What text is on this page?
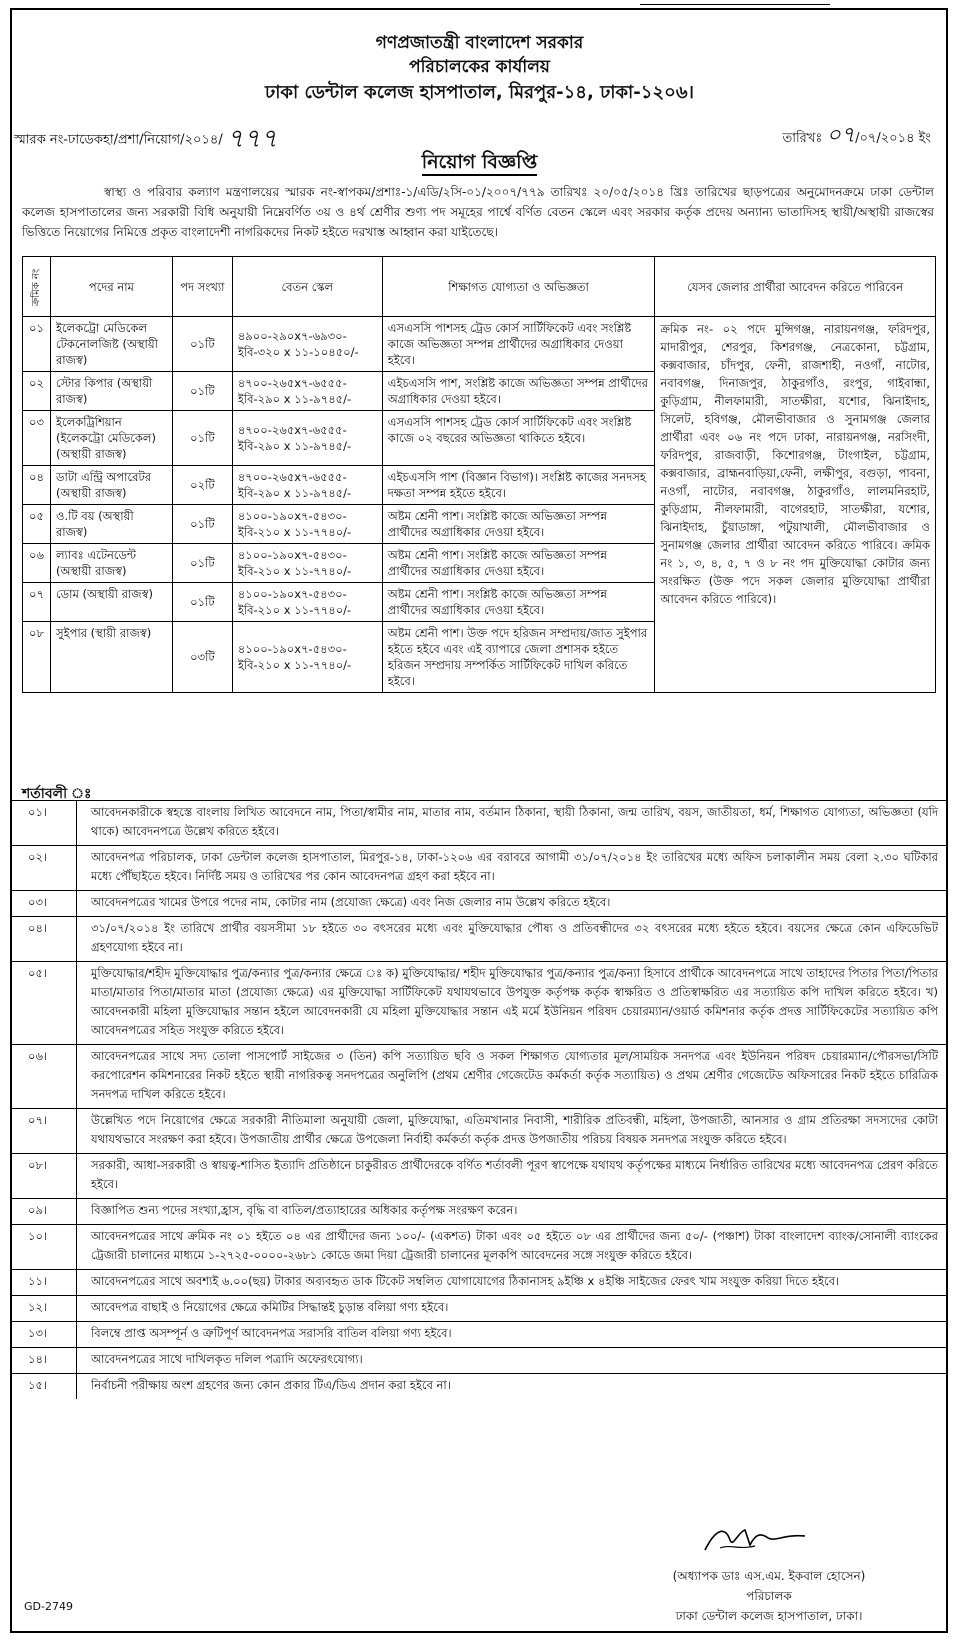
গণপ্রজাতন্ত্রী বাংলাদেশ সরকার
পরিচালকের কার্যালয়
ঢাকা ডেন্টাল কলেজ হাসপাতাল, মিরপুর-১৪, ঢাকা-১২০৬।
স্মারক নং-ঢাডেকহা/প্রশা/নিয়োগ/২০১৪/ ৭৭৭	তারিখঃ ০৭/০৭/২০১৪ ইং
নিয়োগ বিজ্ঞপ্তি
স্বাস্থ্য ও পরিবার কল্যাণ মন্ত্রণালয়ের স্মারক নং-স্বাপকম/প্রশাঃ-১/এডি/২সি-০১/২০০৭/৭৭৯ তারিখঃ ২০/০৫/২০১৪ খ্রিঃ তারিখের ছাড়পত্রের অনুমোদনক্রমে ঢাকা ডেন্টাল কলেজ হাসপাতালের জন্য সরকারী বিধি অনুযায়ী নিম্নেবর্ণিত ৩য় ও ৪র্থ শ্রেণীর শুণ্য পদ সমূহের পার্শ্বে বর্ণিত বেতন স্কেলে এবং সরকার কর্তৃক প্রদেয় অন্যান্য ভাতাদিসহ স্থায়ী/অস্থায়ী রাজস্বের ভিত্তিতে নিয়োগের নিমিত্তে প্রকৃত বাংলাদেশী নাগরিকদের নিকট হইতে দরখাস্ত আহ্বান করা যাইতেছে।
ক্রমিক নং	পদের নাম	পদ সংখ্যা	বেতন স্কেল	শিক্ষাগত যোগ্যতা ও অভিজ্ঞতা	যেসব জেলার প্রার্থীরা আবেদন করিতে পারিবেন
০১	ইলেকট্রো মেডিকেল টেকনোলজিষ্ট (অস্থায়ী রাজস্ব)	০১টি	৪৯০০-২৯০x৭-৬৯৩০-
ইবি-৩২০ x ১১-১০৪৫০/-	এসএসসি পাশসহ ট্রেড কোর্স সার্টিফিকেট এবং সংশ্লিষ্ট কাজে অভিজ্ঞতা সম্পন্ন প্রার্থীদের অগ্রাধিকার দেওয়া হইবে।	ক্রমিক নং- ০২ পদে মুন্সিগঞ্জ, নারায়নগঞ্জ, ফরিদপুর, মাদারীপুর, শেরপুর, কিশরগঞ্জ, নেত্রকোনা, চট্টগ্রাম, কক্সবাজার, চাঁদপুর, ফেনী, রাজশাহী, নওগাঁ, নাটোর, নবাবগঞ্জ, দিনাজপুর, ঠাকুরগাঁও, রংপুর, গাইবান্ধা, কুড়িগ্রাম, নীলফামারী, সাতক্ষীরা, যশোর, ঝিনাইদাহ, সিলেট, হবিগঞ্জ, মৌলভীবাজার ও সুনামগঞ্জ জেলার প্রার্থীরা এবং ০৬ নং পদে ঢাকা, নারায়নগঞ্জ, নরসিংদী, ফরিদপুর, রাজবাড়ী, কিশোরগঞ্জ, টাংগাইল, চট্টগ্রাম, কক্সবাজার, ব্রাহ্মনবাড়িয়া,ফেনী, লক্ষীপুর, বগুড়া, পাবনা, নওগাঁ, নাটোর, নবাবগঞ্জ, ঠাকুরগাঁও, লালমনিরহাট, কুড়িগ্রাম, নীলফামারী, বাগেরহাট, সাতক্ষীরা, যশোর, ঝিনাইদাহ, চুঁয়াডাঙ্গা, পটুয়াখালী, মৌলভীবাজার ও সুনামগঞ্জ জেলার প্রার্থীরা আবেদন করিতে পারিবে। ক্রমিক নং ১, ৩, ৪, ৫, ৭ ও ৮ নং পদ মুক্তিযোদ্ধা কোটার জন্য সংরক্ষিত (উক্ত পদে সকল জেলার মুক্তিযোদ্ধা প্রার্থীরা আবেদন করিতে পারিবে)।
০২	স্টোর কিপার (অস্থায়ী রাজস্ব)	০১টি	৪৭০০-২৬৫x৭-৬৫৫৫-
ইবি-২৯০ x ১১-৯৭৪৫/-	এইচএসসি পাশ, সংশ্লিষ্ট কাজে অভিজ্ঞতা সম্পন্ন প্রার্থীদের অগ্রাধিকার দেওয়া হইবে।	
০৩	ইলেকট্রিশিয়ান (ইলেকট্রো মেডিকেল) (অস্থায়ী রাজস্ব)	০১টি	৪৭০০-২৬৫x৭-৬৫৫৫-
ইবি-২৯০ x ১১-৯৭৪৫/-	এসএসসি পাশসহ ট্রেড কোর্স সার্টিফিকেট এবং সংশ্লিষ্ট কাজে ০২ বছরের অভিজ্ঞতা থাকিতে হইবে।	
০৪	ডাটা এন্ট্রি অপারেটর (অস্থায়ী রাজস্ব)	০২টি	৪৭০০-২৬৫x৭-৬৫৫৫-
ইবি-২৯০ x ১১-৯৭৪৫/-	এইচএসসি পাশ (বিজ্ঞান বিভাগ)। সংশ্লিষ্ট কাজের সনদসহ দক্ষতা সম্পন্ন হইতে হইবে।	
০৫	ও.টি বয় (অস্থায়ী রাজস্ব)	০১টি	৪১০০-১৯০x৭-৫৪৩০-
ইবি-২১০ x ১১-৭৭৪০/-	অষ্টম শ্রেনী পাশ। সংশ্লিষ্ট কাজে অভিজ্ঞতা সম্পন্ন প্রার্থীদের অগ্রাধিকার দেওয়া হইবে।	
০৬	ল্যাবঃ এটেনডেন্ট (অস্থায়ী রাজস্ব)	০১টি	৪১০০-১৯০x৭-৫৪৩০-
ইবি-২১০ x ১১-৭৭৪০/-	অষ্টম শ্রেনী পাশ। সংশ্লিষ্ট কাজে অভিজ্ঞতা সম্পন্ন প্রার্থীদের অগ্রাধিকার দেওয়া হইবে।	
০৭	ডোম (অস্থায়ী রাজস্ব)	০১টি	৪১০০-১৯০x৭-৫৪৩০-
ইবি-২১০ x ১১-৭৭৪০/-	অষ্টম শ্রেনী পাশ। সংশ্লিষ্ট কাজে অভিজ্ঞতা সম্পন্ন প্রার্থীদের অগ্রাধিকার দেওয়া হইবে।	
০৮	সুইপার (স্থায়ী রাজস্ব)	০৩টি	৪১০০-১৯০x৭-৫৪৩০-
ইবি-২১০ x ১১-৭৭৪০/-	অষ্টম শ্রেনী পাশ। উক্ত পদে হরিজন সম্প্রদায়/জাত সুইপার হইতে হইবে এবং এই ব্যাপারে জেলা প্রশাসক হইতে হরিজন সম্প্রদায় সম্পর্কিত সার্টিফিকেট দাখিল করিতে হইবে।	
শর্তাবলী ঃ
০১।	আবেদনকারীকে স্বহস্তে বাংলায় লিখিত আবেদনে নাম, পিতা/স্বামীর নাম, মাতার নাম, বর্তমান ঠিকানা, স্থায়ী ঠিকানা, জন্ম তারিখ, বয়স, জাতীয়তা, ধর্ম, শিক্ষাগত যোগ্যতা, অভিজ্ঞতা (যদি থাকে) আবেদনপত্রে উল্লেখ করিতে হইবে।
০২।	আবেদনপত্র পরিচালক, ঢাকা ডেন্টাল কলেজ হাসপাতাল, মিরপুর-১৪, ঢাকা-১২০৬ এর বরাবরে আগামী ৩১/০৭/২০১৪ ইং তারিখের মধ্যে অফিস চলাকালীন সময় বেলা ২.৩০ ঘটিকার মধ্যে পৌঁছাইতে হইবে। নির্দিষ্ট সময় ও তারিখের পর কোন আবেদনপত্র গ্রহণ করা হইবে না।
০৩।	আবেদনপত্রের খামের উপরে পদের নাম, কোটার নাম (প্রযোজ্য ক্ষেত্রে) এবং নিজ জেলার নাম উল্লেখ করিতে হইবে।
০৪।	৩১/০৭/২০১৪ ইং তারিখে প্রার্থীর বয়সসীমা ১৮ হইতে ৩০ বৎসরের মধ্যে এবং মুক্তিযোদ্ধার পৌষ্য ও প্রতিবন্ধীদের ৩২ বৎসরের মধ্যে হইতে হইবে। বয়সের ক্ষেত্রে কোন এফিডেভিট গ্রহণযোগ্য হইবে না।
০৫।	মুক্তিযোদ্ধার/শহীদ মুক্তিযোদ্ধার পুত্র/কন্যার পুত্র/কন্যার ক্ষেত্রে ঃ ক) মুক্তিযোদ্ধার/ শহীদ মুক্তিযোদ্ধার পুত্র/কন্যার পুত্র/কন্যা হিসাবে প্রার্থীকে আবেদনপত্রে সাথে তাহাদের পিতার পিতা/পিতার মাতা/মাতার পিতা/মাতার মাতা (প্রযোজ্য ক্ষেত্রে) এর মুক্তিযোদ্ধা সার্টিফিকেট যথাযথভাবে উপযুক্ত কর্তৃপক্ষ কর্তৃক স্বাক্ষরিত ও প্রতিস্বাক্ষরিত এর সত্যায়িত কপি দাখিল করিতে হইবে। খ) আবেদনকারী মহিলা মুক্তিযোদ্ধার সন্তান হইলে আবেদনকারী যে মহিলা মুক্তিযোদ্ধার সন্তান এই মর্মে ইউনিয়ন পরিষদ চেয়ারম্যান/ওয়ার্ড কমিশনার কর্তৃক প্রদত্ত সার্টিফিকেটের সত্যায়িত কপি আবেদনপত্রের সহিত সংযুক্ত করিতে হইবে।
০৬।	আবেদনপত্রের সাথে সদ্য তোলা পাসপোর্ট সাইজের ৩ (তিন) কপি সত্যায়িত ছবি ও সকল শিক্ষাগত যোগ্যতার মূল/সাময়িক সনদপত্র এবং ইউনিয়ন পরিষদ চেয়ারম্যান/পৌরসভা/সিটি করপোরেশন কমিশনারের নিকট হইতে স্থায়ী নাগরিকত্ব সনদপত্রের অনুলিপি (প্রথম শ্রেণীর গেজেটেড কর্মকর্তা কর্তৃক সত্যায়িত) ও প্রথম শ্রেণীর গেজেটেড অফিসারের নিকট হইতে চারিত্রিক সনদপত্র দাখিল করিতে হইবে।
০৭।	উল্লেখিত পদে নিয়োগের ক্ষেত্রে সরকারী নীতিমালা অনুযায়ী জেলা, মুক্তিযোদ্ধা, এতিমখানার নিবাসী, শারীরিক প্রতিবন্ধী, মহিলা, উপজাতী, আনসার ও গ্রাম প্রতিরক্ষা সদস্যদের কোটা যথাযথভাবে সংরক্ষণ করা হইবে। উপজাতীয় প্রার্থীর ক্ষেত্রে উপজেলা নির্বাহী কর্মকর্তা কর্তৃক প্রদত্ত উপজাতীয় পরিচয় বিষয়ক সনদপত্র সংযুক্ত করিতে হইবে।
০৮।	সরকারী, আধা-সরকারী ও স্বায়ত্ব-শাসিত ইত্যাদি প্রতিষ্ঠানে চাকুরীরত প্রার্থীদেরকে বর্ণিত শর্তাবলী পূরণ স্বাপেক্ষে যথাযথ কর্তৃপক্ষের মাধ্যমে নির্ধারিত তারিখের মধ্যে আবেদনপত্র প্রেরণ করিতে হইবে।
০৯।	বিজ্ঞাপিত শুন্য পদের সংখ্যা,হ্রাস, বৃদ্ধি বা বাতিল/প্রত্যাহারের অধিকার কর্তৃপক্ষ সংরক্ষণ করেন।
১০।	আবেদনপত্রের সাথে ক্রমিক নং ০১ হইতে ০৪ এর প্রার্থীদের জন্য ১০০/- (একশত) টাকা এবং ০৫ হইতে ০৮ এর প্রার্থীদের জন্য ৫০/- (পঞ্চাশ) টাকা বাংলাদেশ ব্যাংক/সোনালী ব্যাংকের ট্রেজারী চালানের মাধ্যমে ১-২৭২৫-০০০০-২৬৮১ কোডে জমা দিয়া ট্রেজারী চালানের মূলকপি আবেদনের সঙ্গে সংযুক্ত করিতে হইবে।
১১।	আবেদনপত্রের সাথে অবশ্যই ৬.০০(ছয়) টাকার অব্যবহৃত ডাক টিকেট সম্বলিত যোগাযোগের ঠিকানাসহ ৯ইঞ্চি x ৪ইঞ্চি সাইজের ফেরৎ খাম সংযুক্ত করিয়া দিতে হইবে।
১২।	আবেদপত্র বাছাই ও নিয়োগের ক্ষেত্রে কমিটির সিদ্ধান্তই চুড়ান্ত বলিয়া গণ্য হইবে।
১৩।	বিলম্বে প্রাপ্ত অসম্পূর্ন ও ত্রুটিপূর্ণ আবেদনপত্র সরাসরি বাতিল বলিয়া গণ্য হইবে।
১৪।	আবেদনপত্রের সাথে দাখিলকৃত দলিল পত্রাদি অফেরৎযোগ্য।
১৫।	নির্বাচনী পরীক্ষায় অংশ গ্রহণের জন্য কোন প্রকার টিএ/ডিএ প্রদান করা হইবে না।
(অধ্যাপক ডাঃ এস.এম. ইকবাল হোসেন)
পরিচালক
ঢাকা ডেন্টাল কলেজ হাসপাতাল, ঢাকা।
GD-2749
